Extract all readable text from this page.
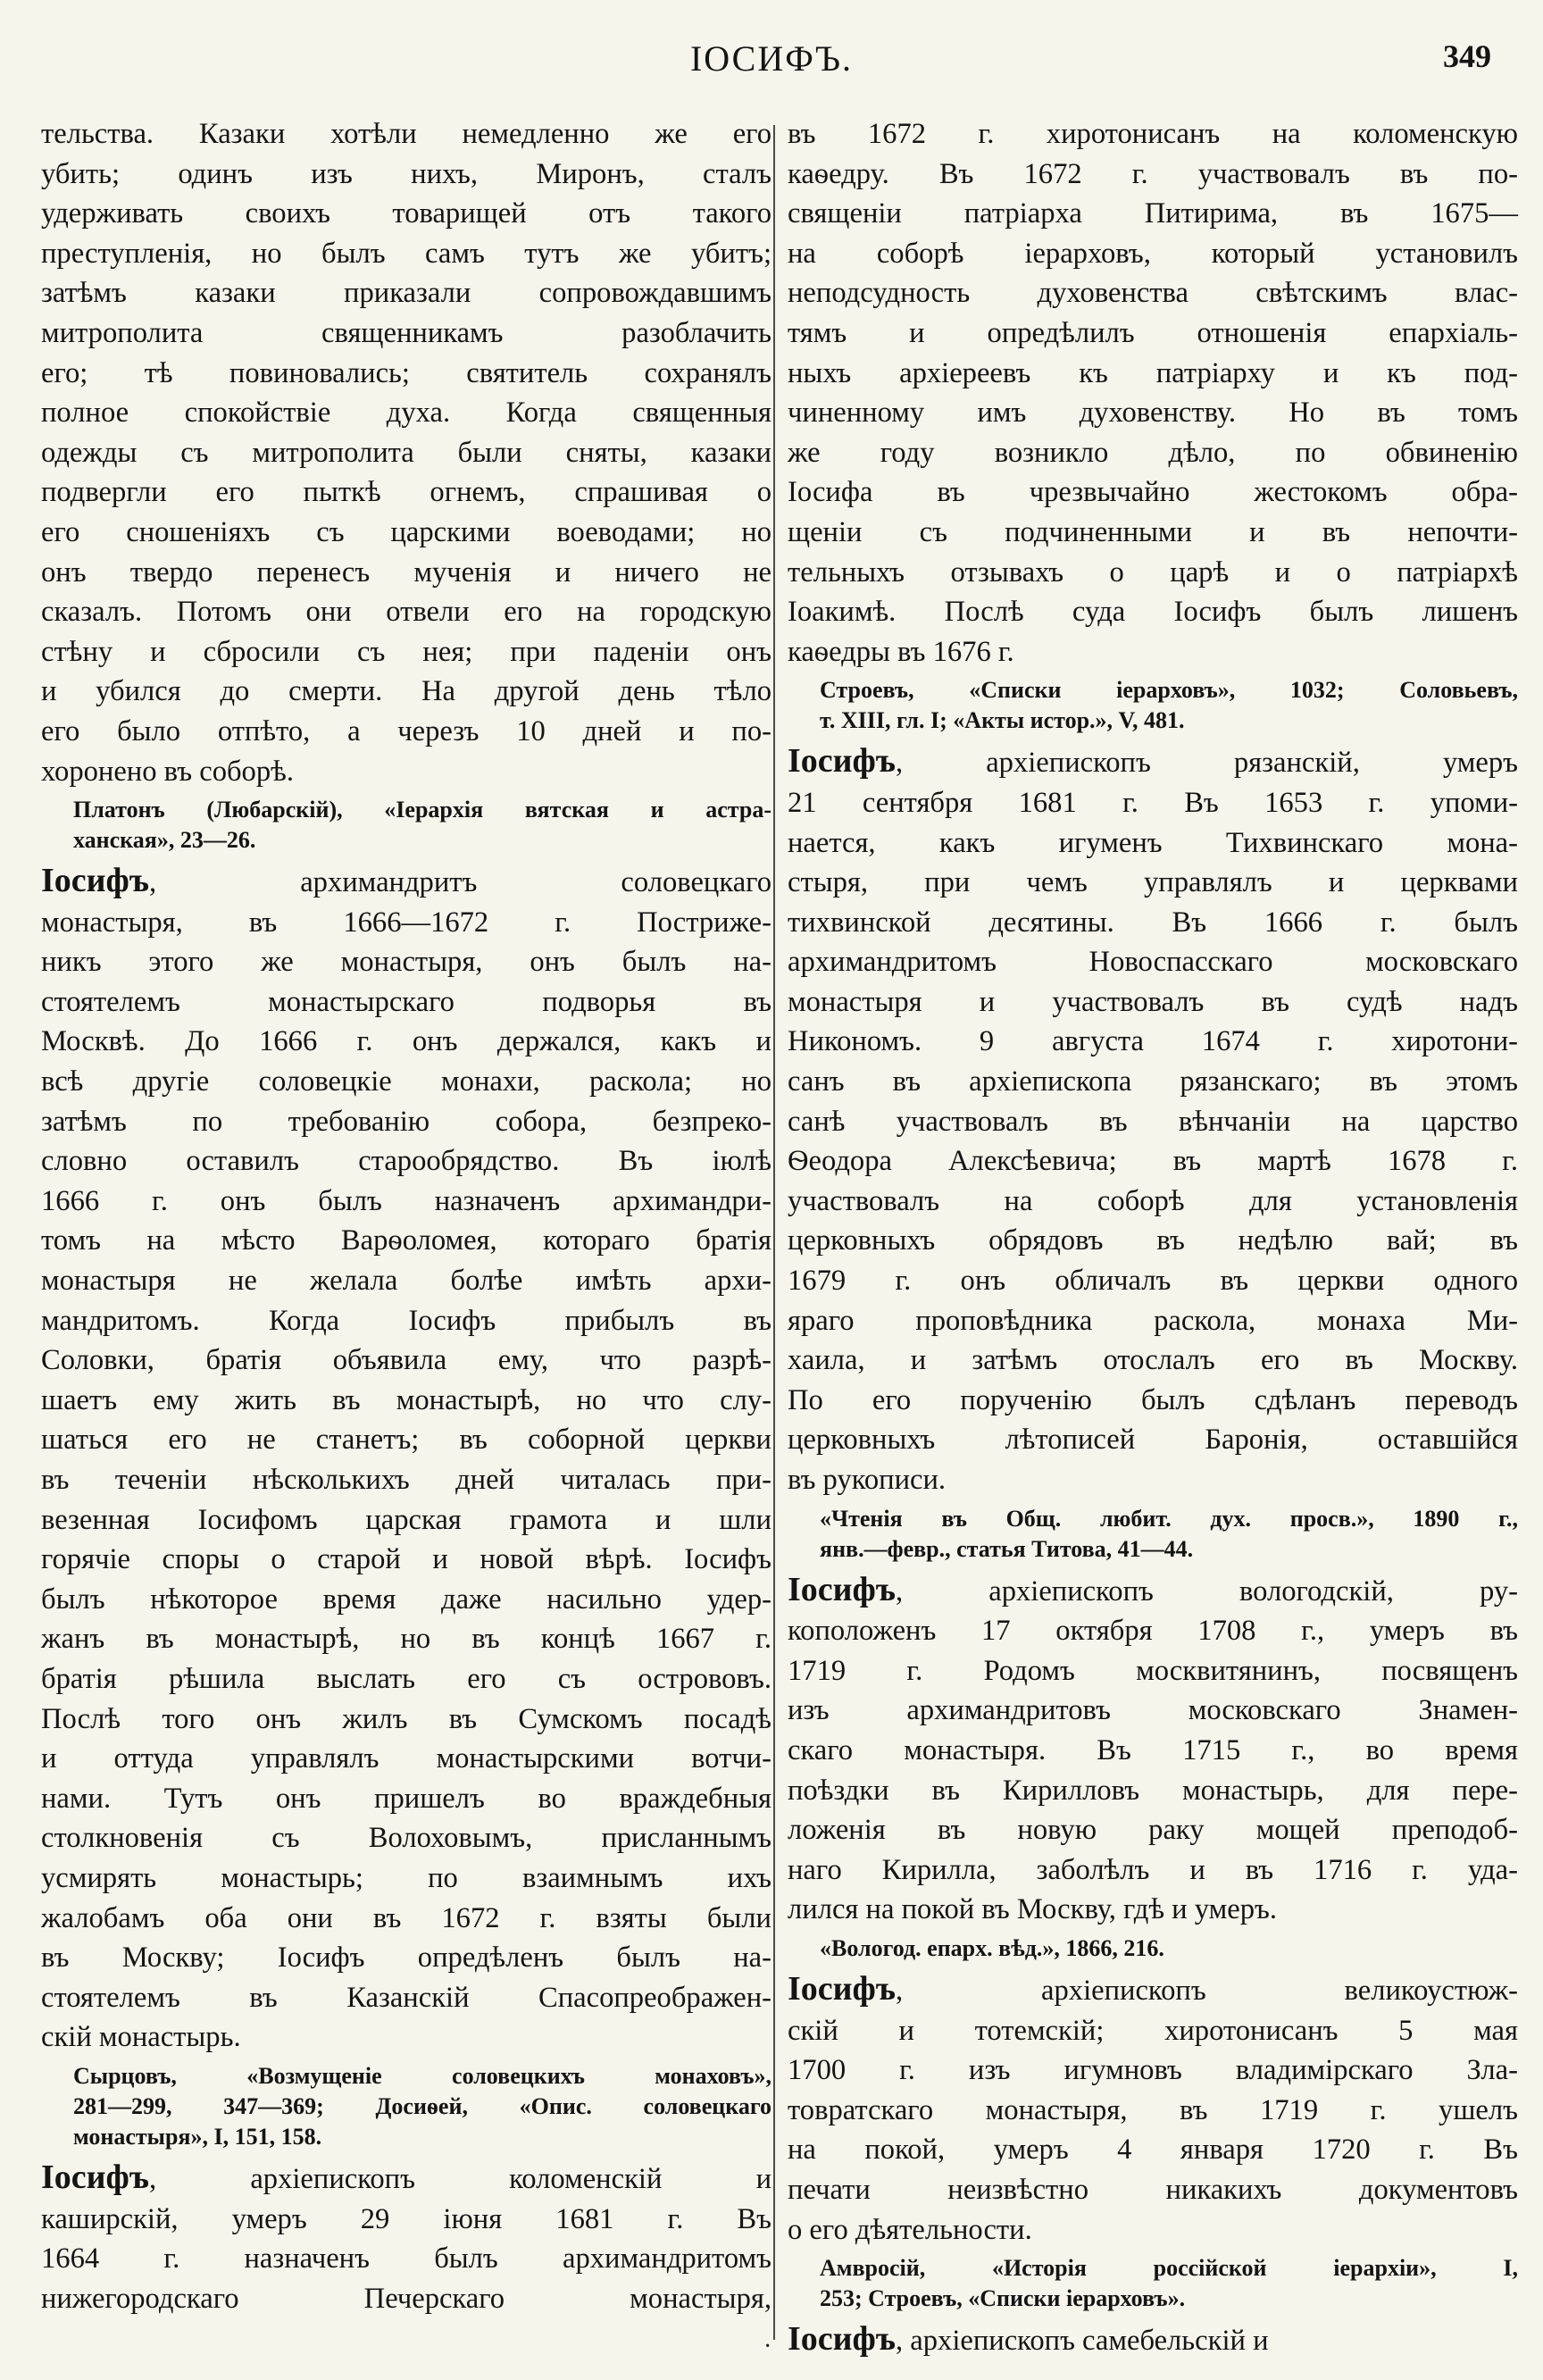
ІОСИФЪ.	349
тельства. Казаки хотѣли немедленно же его
убить; одинъ изъ нихъ, Миронъ, сталъ
удерживать своихъ товарищей отъ такого
преступленія, но былъ самъ тутъ же убитъ;
затѣмъ казаки приказали сопровождавшимъ
митрополита священникамъ разоблачить
его; тѣ повиновались; святитель сохранялъ
полное спокойствіе духа. Когда священныя
одежды съ митрополита были сняты, казаки
подвергли его пыткѣ огнемъ, спрашивая о
его сношеніяхъ съ царскими воеводами; но
онъ твердо перенесъ мученія и ничего не
сказалъ. Потомъ они отвели его на городскую
стѣну и сбросили съ нея; при паденіи онъ
и убился до смерти. На другой день тѣло
его было отпѣто, а черезъ 10 дней и по-
хоронено въ соборѣ.
Платонъ (Любарскій), «Іерархія вятская и астра-
ханская», 23—26.
Іосифъ, архимандритъ соловецкаго
монастыря, въ 1666—1672 г. Постриже-
никъ этого же монастыря, онъ былъ на-
стоятелемъ монастырскаго подворья въ
Москвѣ. До 1666 г. онъ держался, какъ и
всѣ другіе соловецкіе монахи, раскола; но
затѣмъ по требованію собора, безпреко-
словно оставилъ старообрядство. Въ іюлѣ
1666 г. онъ былъ назначенъ архимандри-
томъ на мѣсто Варѳоломея, котораго братія
монастыря не желала болѣе имѣть архи-
мандритомъ. Когда Іосифъ прибылъ въ
Соловки, братія объявила ему, что разрѣ-
шаетъ ему жить въ монастырѣ, но что слу-
шаться его не станетъ; въ соборной церкви
въ теченіи нѣсколькихъ дней читалась при-
везенная Іосифомъ царская грамота и шли
горячіе споры о старой и новой вѣрѣ. Іосифъ
былъ нѣкоторое время даже насильно удер-
жанъ въ монастырѣ, но въ концѣ 1667 г.
братія рѣшила выслать его съ острововъ.
Послѣ того онъ жилъ въ Сумскомъ посадѣ
и оттуда управлялъ монастырскими вотчи-
нами. Тутъ онъ пришелъ во враждебныя
столкновенія съ Волоховымъ, присланнымъ
усмирять монастырь; по взаимнымъ ихъ
жалобамъ оба они въ 1672 г. взяты были
въ Москву; Іосифъ опредѣленъ былъ на-
стоятелемъ въ Казанскій Спасопреображен-
скій монастырь.
Сырцовъ, «Возмущеніе соловецкихъ монаховъ»,
281—299, 347—369; Досиѳей, «Опис. соловецкаго
монастыря», I, 151, 158.
Іосифъ, архіепископъ коломенскій и
каширскій, умеръ 29 іюня 1681 г. Въ
1664 г. назначенъ былъ архимандритомъ
нижегородскаго Печерскаго монастыря,
въ 1672 г. хиротонисанъ на коломенскую
каѳедру. Въ 1672 г. участвовалъ въ по-
священіи патріарха Питирима, въ 1675—
на соборѣ іерарховъ, который установилъ
неподсудность духовенства свѣтскимъ влас-
тямъ и опредѣлилъ отношенія епархіаль-
ныхъ архіереевъ къ патріарху и къ под-
чиненному имъ духовенству. Но въ томъ
же году возникло дѣло, по обвиненію
Іосифа въ чрезвычайно жестокомъ обра-
щеніи съ подчиненными и въ непочти-
тельныхъ отзывахъ о царѣ и о патріархѣ
Іоакимѣ. Послѣ суда Іосифъ былъ лишенъ
каѳедры въ 1676 г.
Строевъ, «Списки іерарховъ», 1032; Соловьевъ,
т. XIII, гл. I; «Акты истор.», V, 481.
Іосифъ, архіепископъ рязанскій, умеръ
21 сентября 1681 г. Въ 1653 г. упоми-
нается, какъ игуменъ Тихвинскаго мона-
стыря, при чемъ управлялъ и церквами
тихвинской десятины. Въ 1666 г. былъ
архимандритомъ Новоспасскаго московскаго
монастыря и участвовалъ въ судѣ надъ
Никономъ. 9 августа 1674 г. хиротони-
санъ въ архіепископа рязанскаго; въ этомъ
санѣ участвовалъ въ вѣнчаніи на царство
Ѳеодора Алексѣевича; въ мартѣ 1678 г.
участвовалъ на соборѣ для установленія
церковныхъ обрядовъ въ недѣлю вай; въ
1679 г. онъ обличалъ въ церкви одного
яраго проповѣдника раскола, монаха Ми-
хаила, и затѣмъ отослалъ его въ Москву.
По его порученію былъ сдѣланъ переводъ
церковныхъ лѣтописей Баронія, оставшійся
въ рукописи.
«Чтенія въ Общ. любит. дух. просв.», 1890 г.,
янв.—февр., статья Титова, 41—44.
Іосифъ, архіепископъ вологодскій, ру-
коположенъ 17 октября 1708 г., умеръ въ
1719 г. Родомъ москвитянинъ, посвященъ
изъ архимандритовъ московскаго Знамен-
скаго монастыря. Въ 1715 г., во время
поѣздки въ Кирилловъ монастырь, для пере-
ложенія въ новую раку мощей преподоб-
наго Кирилла, заболѣлъ и въ 1716 г. уда-
лился на покой въ Москву, гдѣ и умеръ.
«Вологод. епарх. вѣд.», 1866, 216.
Іосифъ, архіепископъ великоустюж-
скій и тотемскій; хиротонисанъ 5 мая
1700 г. изъ игумновъ владимірскаго Зла-
товратскаго монастыря, въ 1719 г. ушелъ
на покой, умеръ 4 января 1720 г. Въ
печати неизвѣстно никакихъ документовъ
о его дѣятельности.
Амвросій, «Исторія россійской іерархіи», I,
253; Строевъ, «Списки іерарховъ».
Іосифъ, архіепископъ самебельскій и
·
